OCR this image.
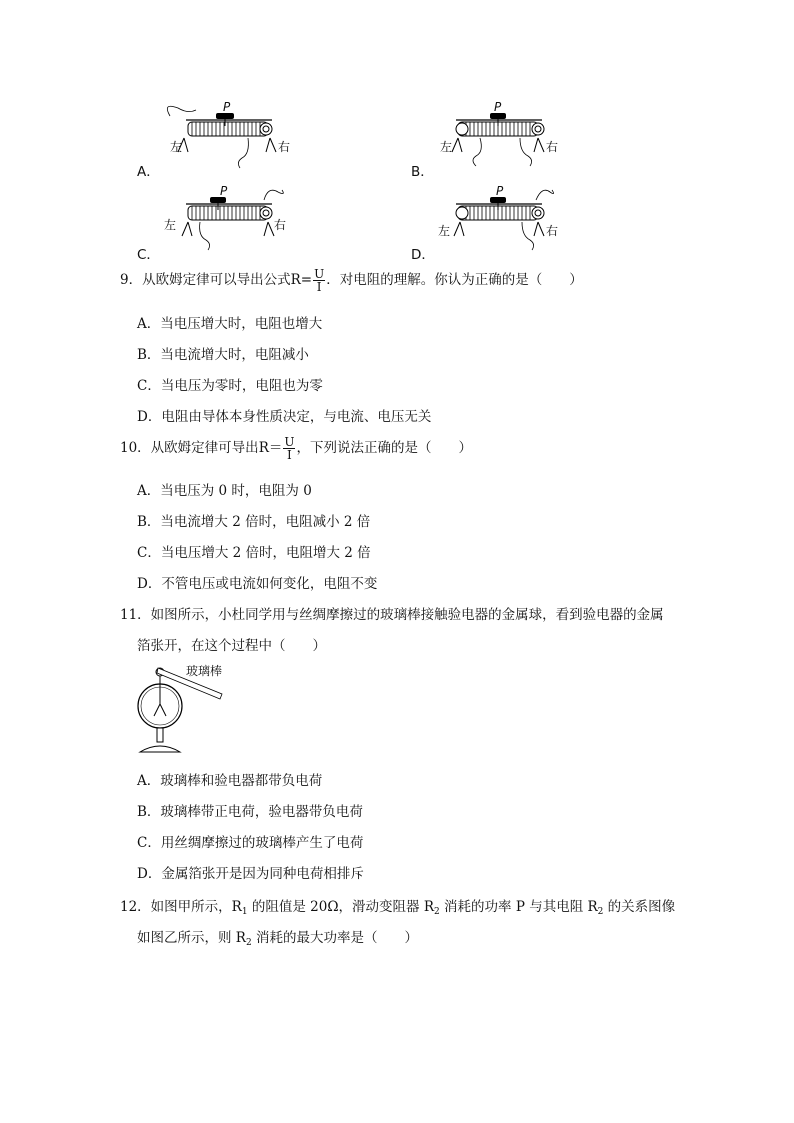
P
左	右
A．
P
左	右
B．
P
左	右
C．
P
左	右
D．
9．从欧姆定律可以导出公式$R= \frac{U}{I}$ ．对电阻的理解。你认为正确的是（　　）
A．当电压增大时，电阻也增大
B．当电流增大时，电阻减小
C．当电压为零时，电阻也为零
D．电阻由导体本身性质决定，与电流、电压无关
10．从欧姆定律可导出$R= \frac{U}{I}$ ，下列说法正确的是（　　）
A．当电压为 0 时，电阻为 0
B．当电流增大 2 倍时，电阻减小 2 倍
C．当电压增大 2 倍时，电阻增大 2 倍
D．不管电压或电流如何变化，电阻不变
11．如图所示，小杜同学用与丝绸摩擦过的玻璃棒接触验电器的金属球，看到验电器的金属
箔张开，在这个过程中（　　）
玻璃棒
A．玻璃棒和验电器都带负电荷
B．玻璃棒带正电荷，验电器带负电荷
C．用丝绸摩擦过的玻璃棒产生了电荷
D．金属箔张开是因为同种电荷相排斥
12．如图甲所示，$R_1$ 的阻值是 20Ω，滑动变阻器 $R_2$ 消耗的功率 P 与其电阻 $R_2$ 的关系图像
如图乙所示，则 $R_2$ 消耗的最大功率是（　　）
